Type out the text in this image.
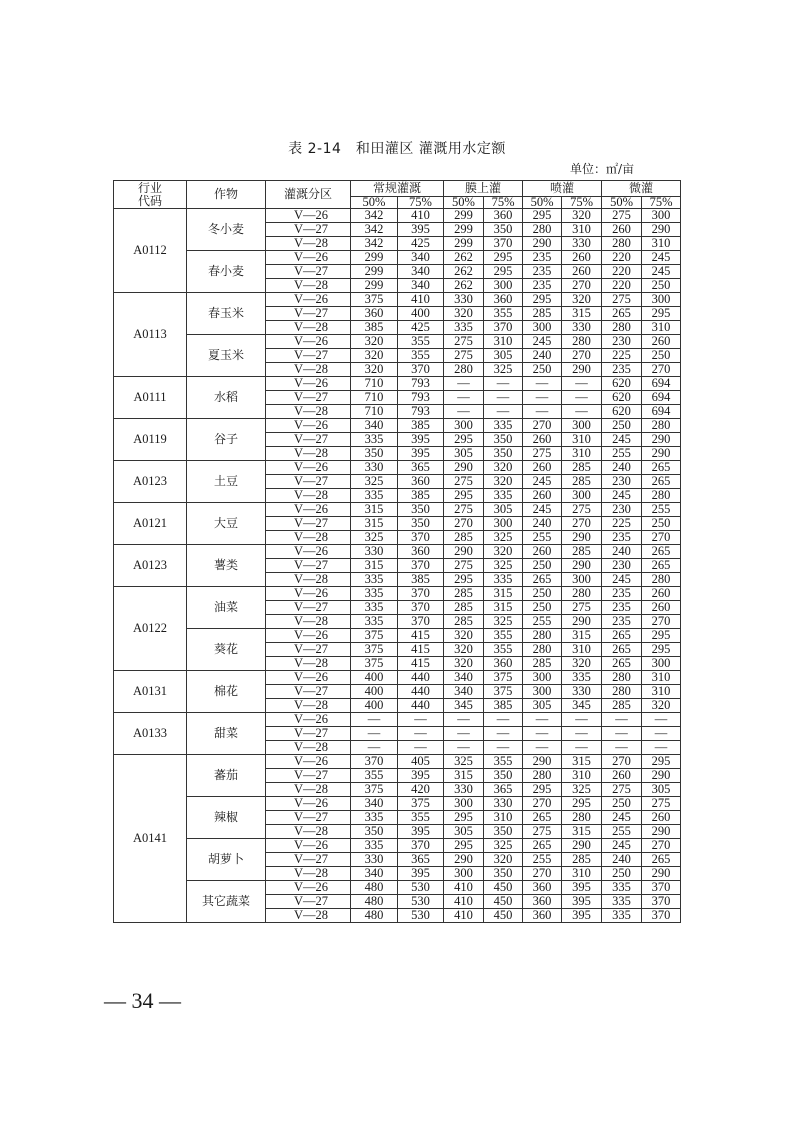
表 2-14　和田灌区 灌溉用水定额
单位：㎡/亩
行业
代码	作物	灌溉分区	常规灌溉		膜上灌		喷灌		微灌	
			50%	75%	50%	75%	50%	75%	50%	75%
A0112	冬小麦	V—26	342	410	299	360	295	320	275	300
		V—27	342	395	299	350	280	310	260	290
		V—28	342	425	299	370	290	330	280	310
	春小麦	V—26	299	340	262	295	235	260	220	245
		V—27	299	340	262	295	235	260	220	245
		V—28	299	340	262	300	235	270	220	250
A0113	春玉米	V—26	375	410	330	360	295	320	275	300
		V—27	360	400	320	355	285	315	265	295
		V—28	385	425	335	370	300	330	280	310
	夏玉米	V—26	320	355	275	310	245	280	230	260
		V—27	320	355	275	305	240	270	225	250
		V—28	320	370	280	325	250	290	235	270
A0111	水稻	V—26	710	793	—	—	—	—	620	694
		V—27	710	793	—	—	—	—	620	694
		V—28	710	793	—	—	—	—	620	694
A0119	谷子	V—26	340	385	300	335	270	300	250	280
		V—27	335	395	295	350	260	310	245	290
		V—28	350	395	305	350	275	310	255	290
A0123	土豆	V—26	330	365	290	320	260	285	240	265
		V—27	325	360	275	320	245	285	230	265
		V—28	335	385	295	335	260	300	245	280
A0121	大豆	V—26	315	350	275	305	245	275	230	255
		V—27	315	350	270	300	240	270	225	250
		V—28	325	370	285	325	255	290	235	270
A0123	薯类	V—26	330	360	290	320	260	285	240	265
		V—27	315	370	275	325	250	290	230	265
		V—28	335	385	295	335	265	300	245	280
A0122	油菜	V—26	335	370	285	315	250	280	235	260
		V—27	335	370	285	315	250	275	235	260
		V—28	335	370	285	325	255	290	235	270
	葵花	V—26	375	415	320	355	280	315	265	295
		V—27	375	415	320	355	280	310	265	295
		V—28	375	415	320	360	285	320	265	300
A0131	棉花	V—26	400	440	340	375	300	335	280	310
		V—27	400	440	340	375	300	330	280	310
		V—28	400	440	345	385	305	345	285	320
A0133	甜菜	V—26	—	—	—	—	—	—	—	—
		V—27	—	—	—	—	—	—	—	—
		V—28	—	—	—	—	—	—	—	—
A0141	蕃茄	V—26	370	405	325	355	290	315	270	295
		V—27	355	395	315	350	280	310	260	290
		V—28	375	420	330	365	295	325	275	305
	辣椒	V—26	340	375	300	330	270	295	250	275
		V—27	335	355	295	310	265	280	245	260
		V—28	350	395	305	350	275	315	255	290
	胡萝卜	V—26	335	370	295	325	265	290	245	270
		V—27	330	365	290	320	255	285	240	265
		V—28	340	395	300	350	270	310	250	290
	其它蔬菜	V—26	480	530	410	450	360	395	335	370
		V—27	480	530	410	450	360	395	335	370
		V—28	480	530	410	450	360	395	335	370
— 34 —
